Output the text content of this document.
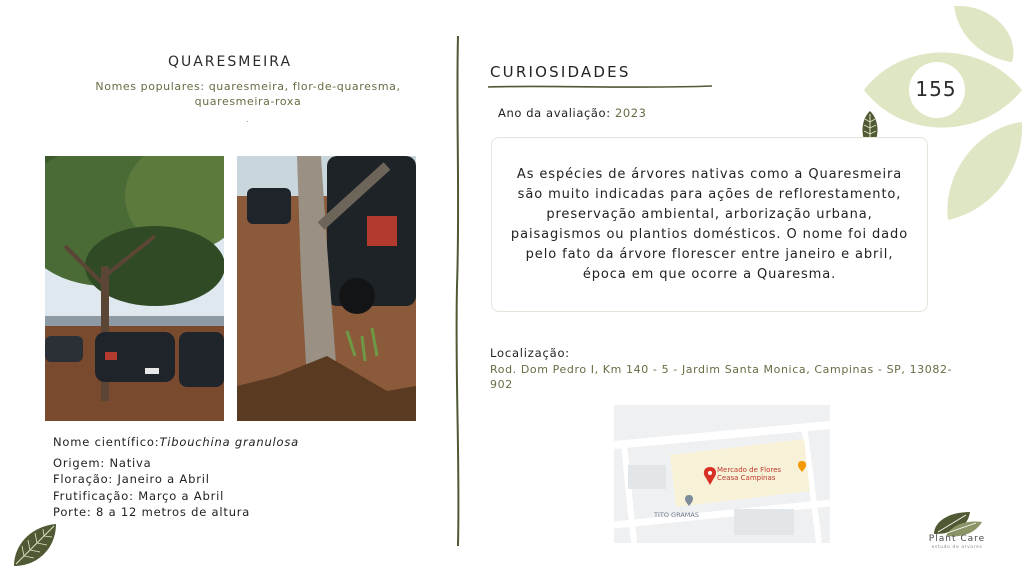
155
QUARESMEIRA
Nomes populares: quaresmeira, flor-de-quaresma,
quaresmeira-roxa
.
Nome científico:Tibouchina granulosa
Origem: Nativa
Floração: Janeiro a Abril
Frutificação: Março a Abril
Porte: 8 a 12 metros de altura
CURIOSIDADES
Ano da avaliação: 2023

As espécies de árvores nativas como a Quaresmeira são muito indicadas para ações de reflorestamento, preservação ambiental, arborização urbana, paisagismos ou plantios domésticos. O nome foi dado pelo fato da árvore florescer entre janeiro e abril, época em que ocorre a Quaresma.

Localização:
Rod. Dom Pedro I, Km 140 - 5 - Jardim Santa Monica, Campinas - SP, 13082-902
Mercado de Flores
Ceasa Campinas
TITO GRAMAS
Plant Care
estudo de arvores
